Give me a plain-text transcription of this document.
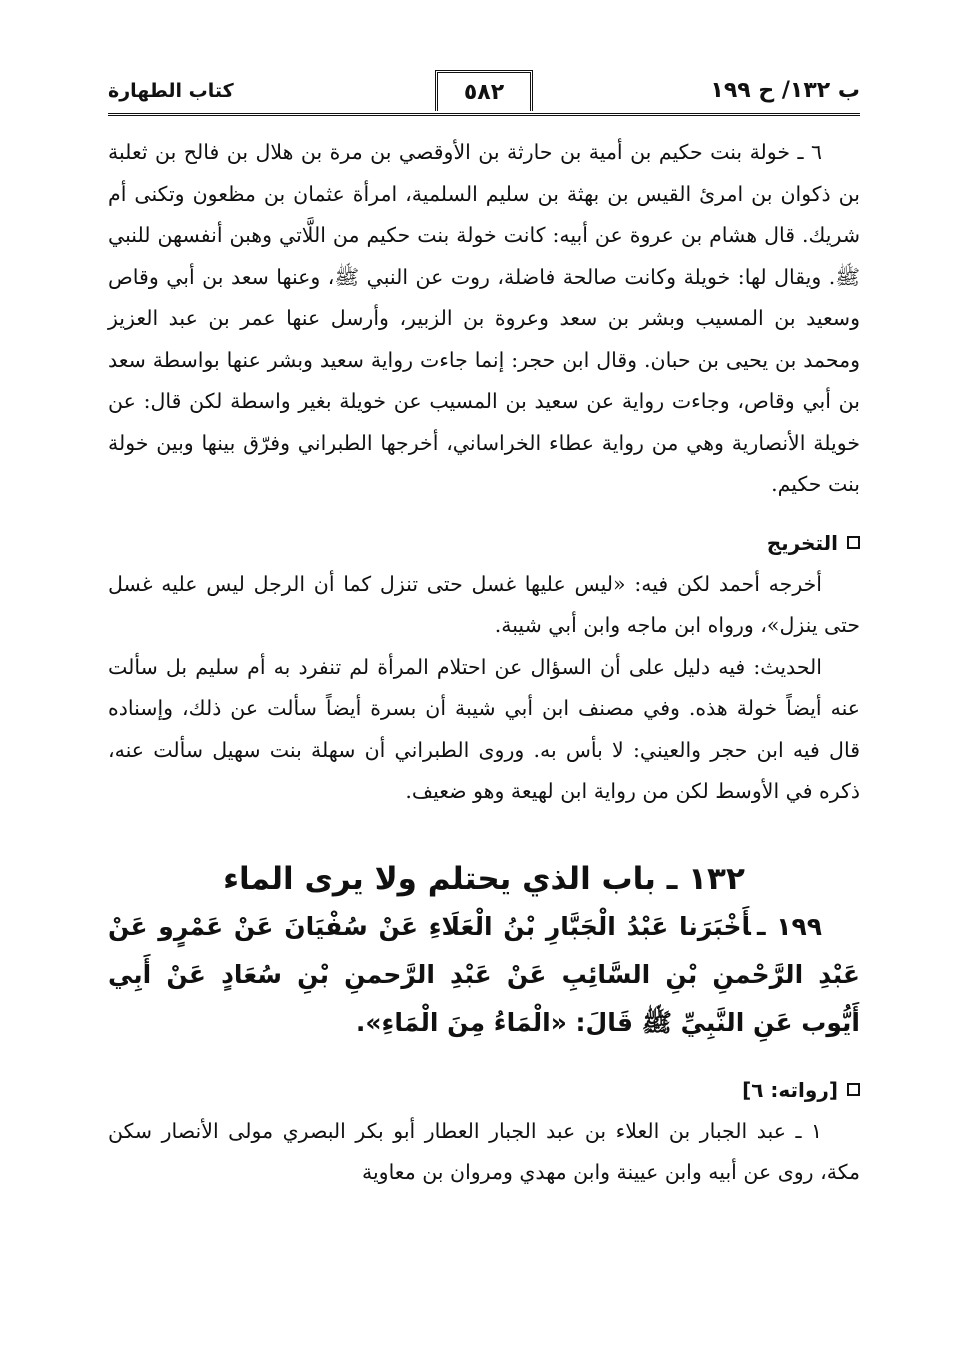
ب ١٣٢/ ح ١٩٩
٥٨٢
كتاب الطهارة

٦ ـ خولة بنت حكيم بن أمية بن حارثة بن الأوقصي بن مرة بن هلال بن فالح بن ثعلبة بن ذكوان بن امرئ القيس بن بهثة بن سليم السلمية، امرأة عثمان بن مظعون وتكنى أم شريك. قال هشام بن عروة عن أبيه: كانت خولة بنت حكيم من اللَّاتي وهبن أنفسهن للنبي ﷺ. ويقال لها: خويلة وكانت صالحة فاضلة، روت عن النبي ﷺ، وعنها سعد بن أبي وقاص وسعيد بن المسيب وبشر بن سعد وعروة بن الزبير، وأرسل عنها عمر بن عبد العزيز ومحمد بن يحيى بن حبان. وقال ابن حجر: إنما جاءت رواية سعيد وبشر عنها بواسطة سعد بن أبي وقاص، وجاءت رواية عن سعيد بن المسيب عن خويلة بغير واسطة لكن قال: عن خويلة الأنصارية وهي من رواية عطاء الخراساني، أخرجها الطبراني وفرّق بينها وبين خولة بنت حكيم.

التخريج

أخرجه أحمد لكن فيه: «ليس عليها غسل حتى تنزل كما أن الرجل ليس عليه غسل حتى ينزل»، ورواه ابن ماجه وابن أبي شيبة.

الحديث: فيه دليل على أن السؤال عن احتلام المرأة لم تنفرد به أم سليم بل سألت عنه أيضاً خولة هذه. وفي مصنف ابن أبي شيبة أن بسرة أيضاً سألت عن ذلك، وإسناده قال فيه ابن حجر والعيني: لا بأس به. وروى الطبراني أن سهلة بنت سهيل سألت عنه، ذكره في الأوسط لكن من رواية ابن لهيعة وهو ضعيف.

١٣٢ ـ باب الذي يحتلم ولا يرى الماء

١٩٩ ـأَخْبَرَنا عَبْدُ الْجَبَّارِ بْنُ الْعَلَاءِ عَنْ سُفْيَانَ عَنْ عَمْرٍو عَنْ عَبْدِ الرَّحْمنِ بْنِ السَّائِبِ عَنْ عَبْدِ الرَّحمنِ بْنِ سُعَادٍ عَنْ أَبِي أَيُّوب عَنِ النَّبِيِّ ﷺ قَالَ: «الْمَاءُ مِنَ الْمَاءِ».

[رواته: ٦]

١ ـ عبد الجبار بن العلاء بن عبد الجبار العطار أبو بكر البصري مولى الأنصار سكن مكة، روى عن أبيه وابن عيينة وابن مهدي ومروان بن معاوية
